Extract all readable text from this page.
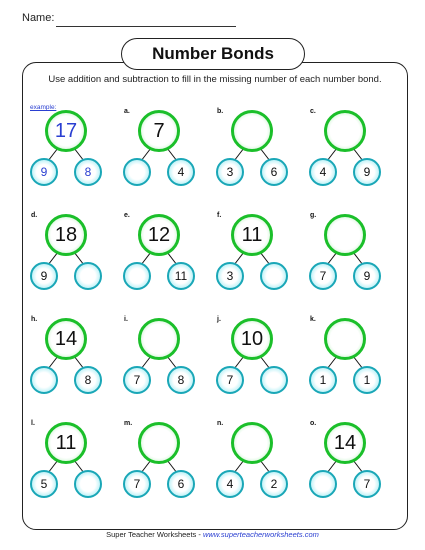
Name:
Number Bonds
Use addition and subtraction to fill in the missing number of each number bond.
example:
17
9	8
a.
7
4
b.
3	6
c.
4	9
d.
18
9
e.
12
11
f.
11
3
g.
7	9
h.
14
8
i.
7	8
j.
10
7
k.
1	1
l.
11
5
m.
7	6
n.
4	2
o.
14
7
Super Teacher Worksheets - www.superteacherworksheets.com
